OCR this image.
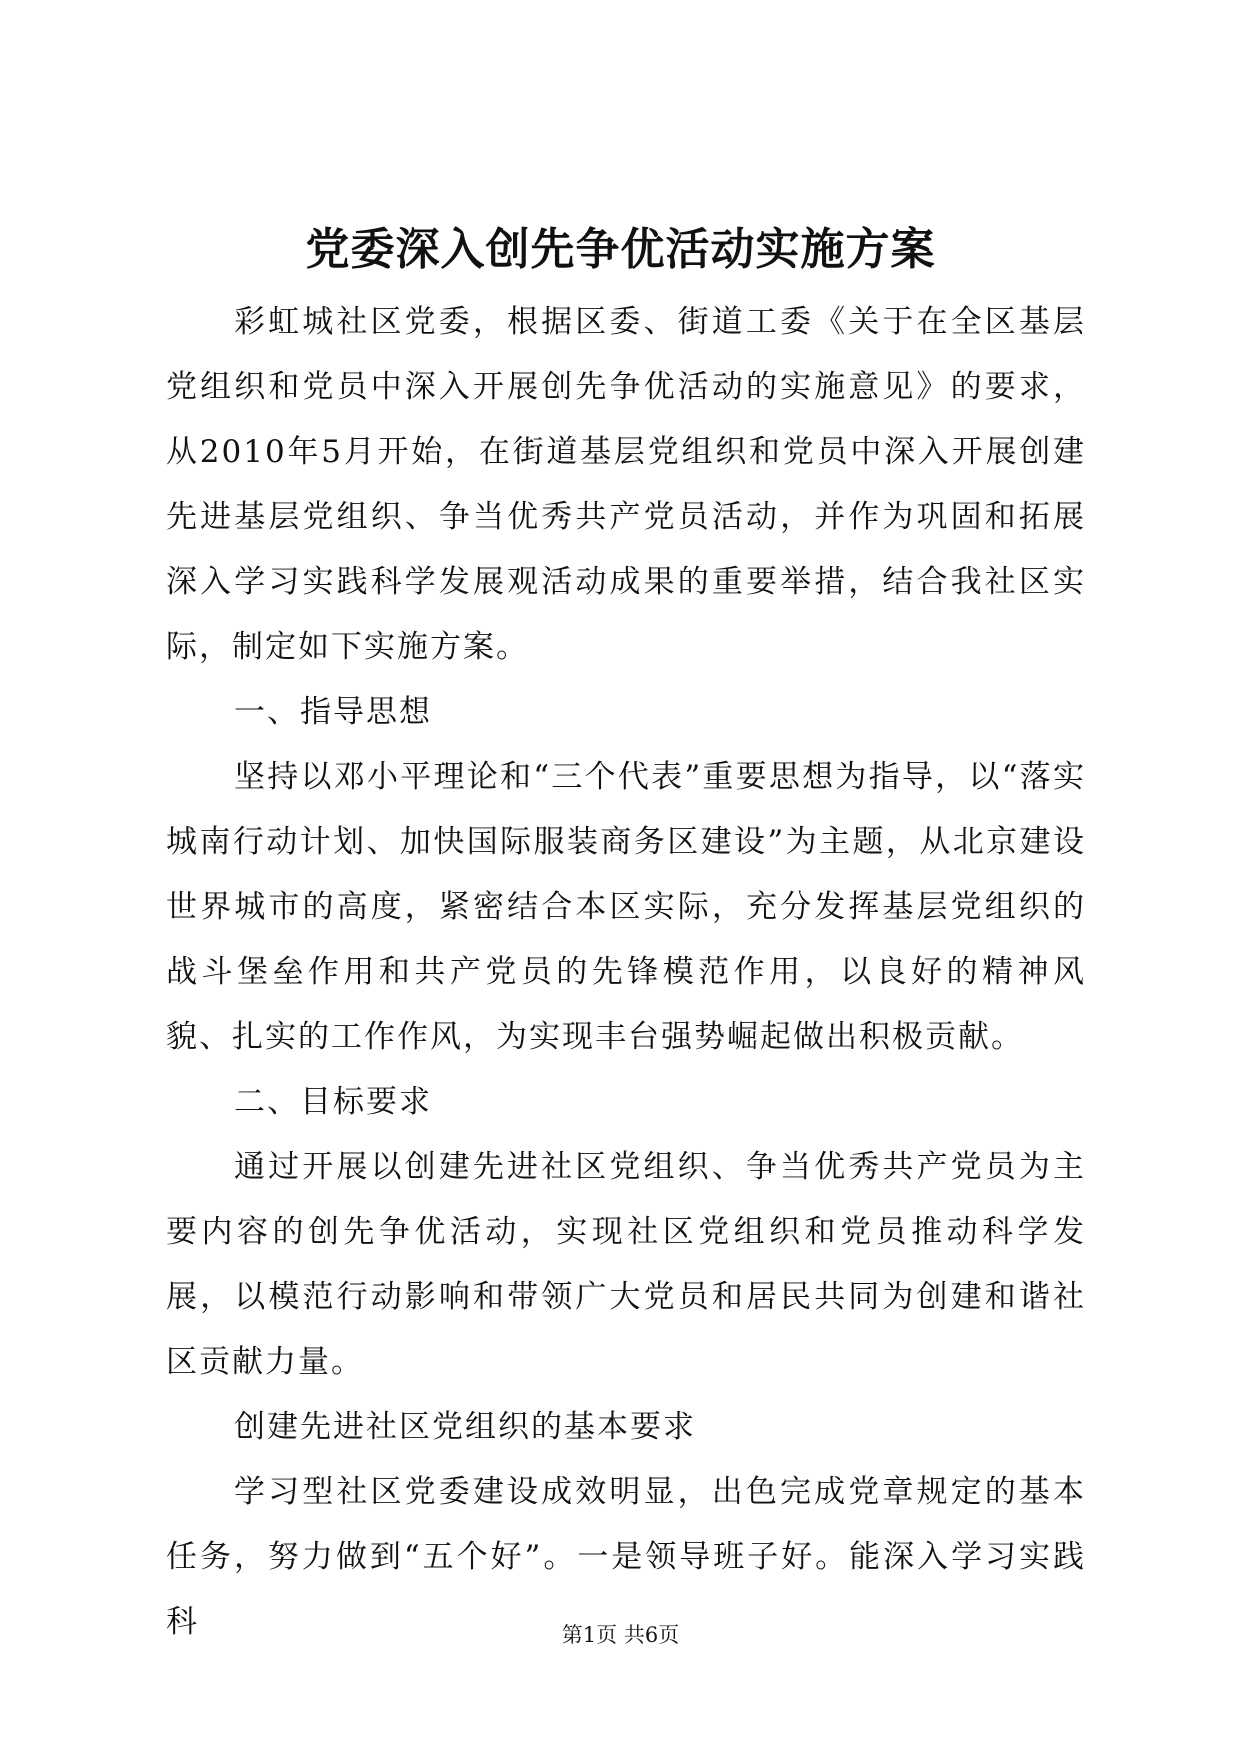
党委深入创先争优活动实施方案

彩虹城社区党委，根据区委、街道工委《关于在全区基层党组织和党员中深入开展创先争优活动的实施意见》的要求，从2010年5月开始，在街道基层党组织和党员中深入开展创建先进基层党组织、争当优秀共产党员活动，并作为巩固和拓展深入学习实践科学发展观活动成果的重要举措，结合我社区实际，制定如下实施方案。

一、指导思想

坚持以邓小平理论和“三个代表”重要思想为指导，以“落实城南行动计划、加快国际服装商务区建设”为主题，从北京建设世界城市的高度，紧密结合本区实际，充分发挥基层党组织的战斗堡垒作用和共产党员的先锋模范作用，以良好的精神风貌、扎实的工作作风，为实现丰台强势崛起做出积极贡献。

二、目标要求

通过开展以创建先进社区党组织、争当优秀共产党员为主要内容的创先争优活动，实现社区党组织和党员推动科学发展，以模范行动影响和带领广大党员和居民共同为创建和谐社区贡献力量。

创建先进社区党组织的基本要求

学习型社区党委建设成效明显，出色完成党章规定的基本任务，努力做到“五个好”。一是领导班子好。能深入学习实践科	第1页 共6页
